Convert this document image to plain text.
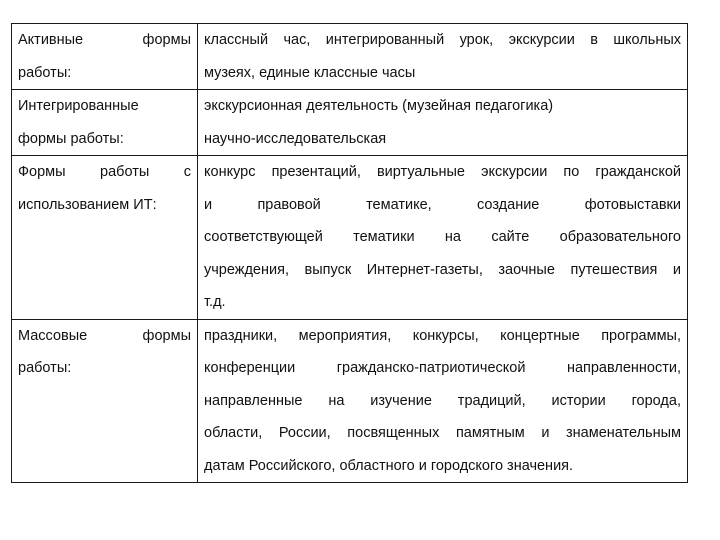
Активные формы
работы:	классный час, интегрированный урок, экскурсии в школьных
музеях, единые классные часы

Интегрированные
формы работы:	экскурсионная деятельность (музейная педагогика)
научно-исследовательская

Формы работы с
использованием ИТ:	конкурс презентаций, виртуальные экскурсии по гражданской
и правовой тематике, создание фотовыставки
соответствующей тематики на сайте образовательного
учреждения, выпуск Интернет-газеты, заочные путешествия и
т.д.

Массовые формы
работы:	праздники, мероприятия, конкурсы, концертные программы,
конференции гражданско-патриотической направленности,
направленные на изучение традиций, истории города,
области, России, посвященных памятным и знаменательным
датам Российского, областного и городского значения.
